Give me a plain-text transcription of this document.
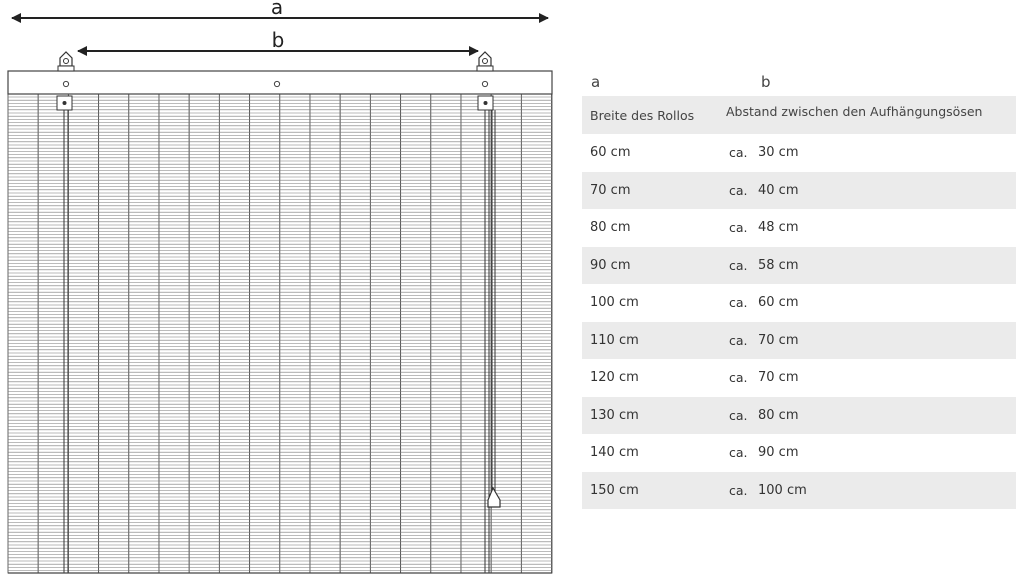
a
b
a	b
Breite des Rollos	Abstand zwischen den Aufhängungsösen
60 cm	ca. 30 cm
70 cm	ca. 40 cm
80 cm	ca. 48 cm
90 cm	ca. 58 cm
100 cm	ca. 60 cm
110 cm	ca. 70 cm
120 cm	ca. 70 cm
130 cm	ca. 80 cm
140 cm	ca. 90 cm
150 cm	ca. 100 cm
